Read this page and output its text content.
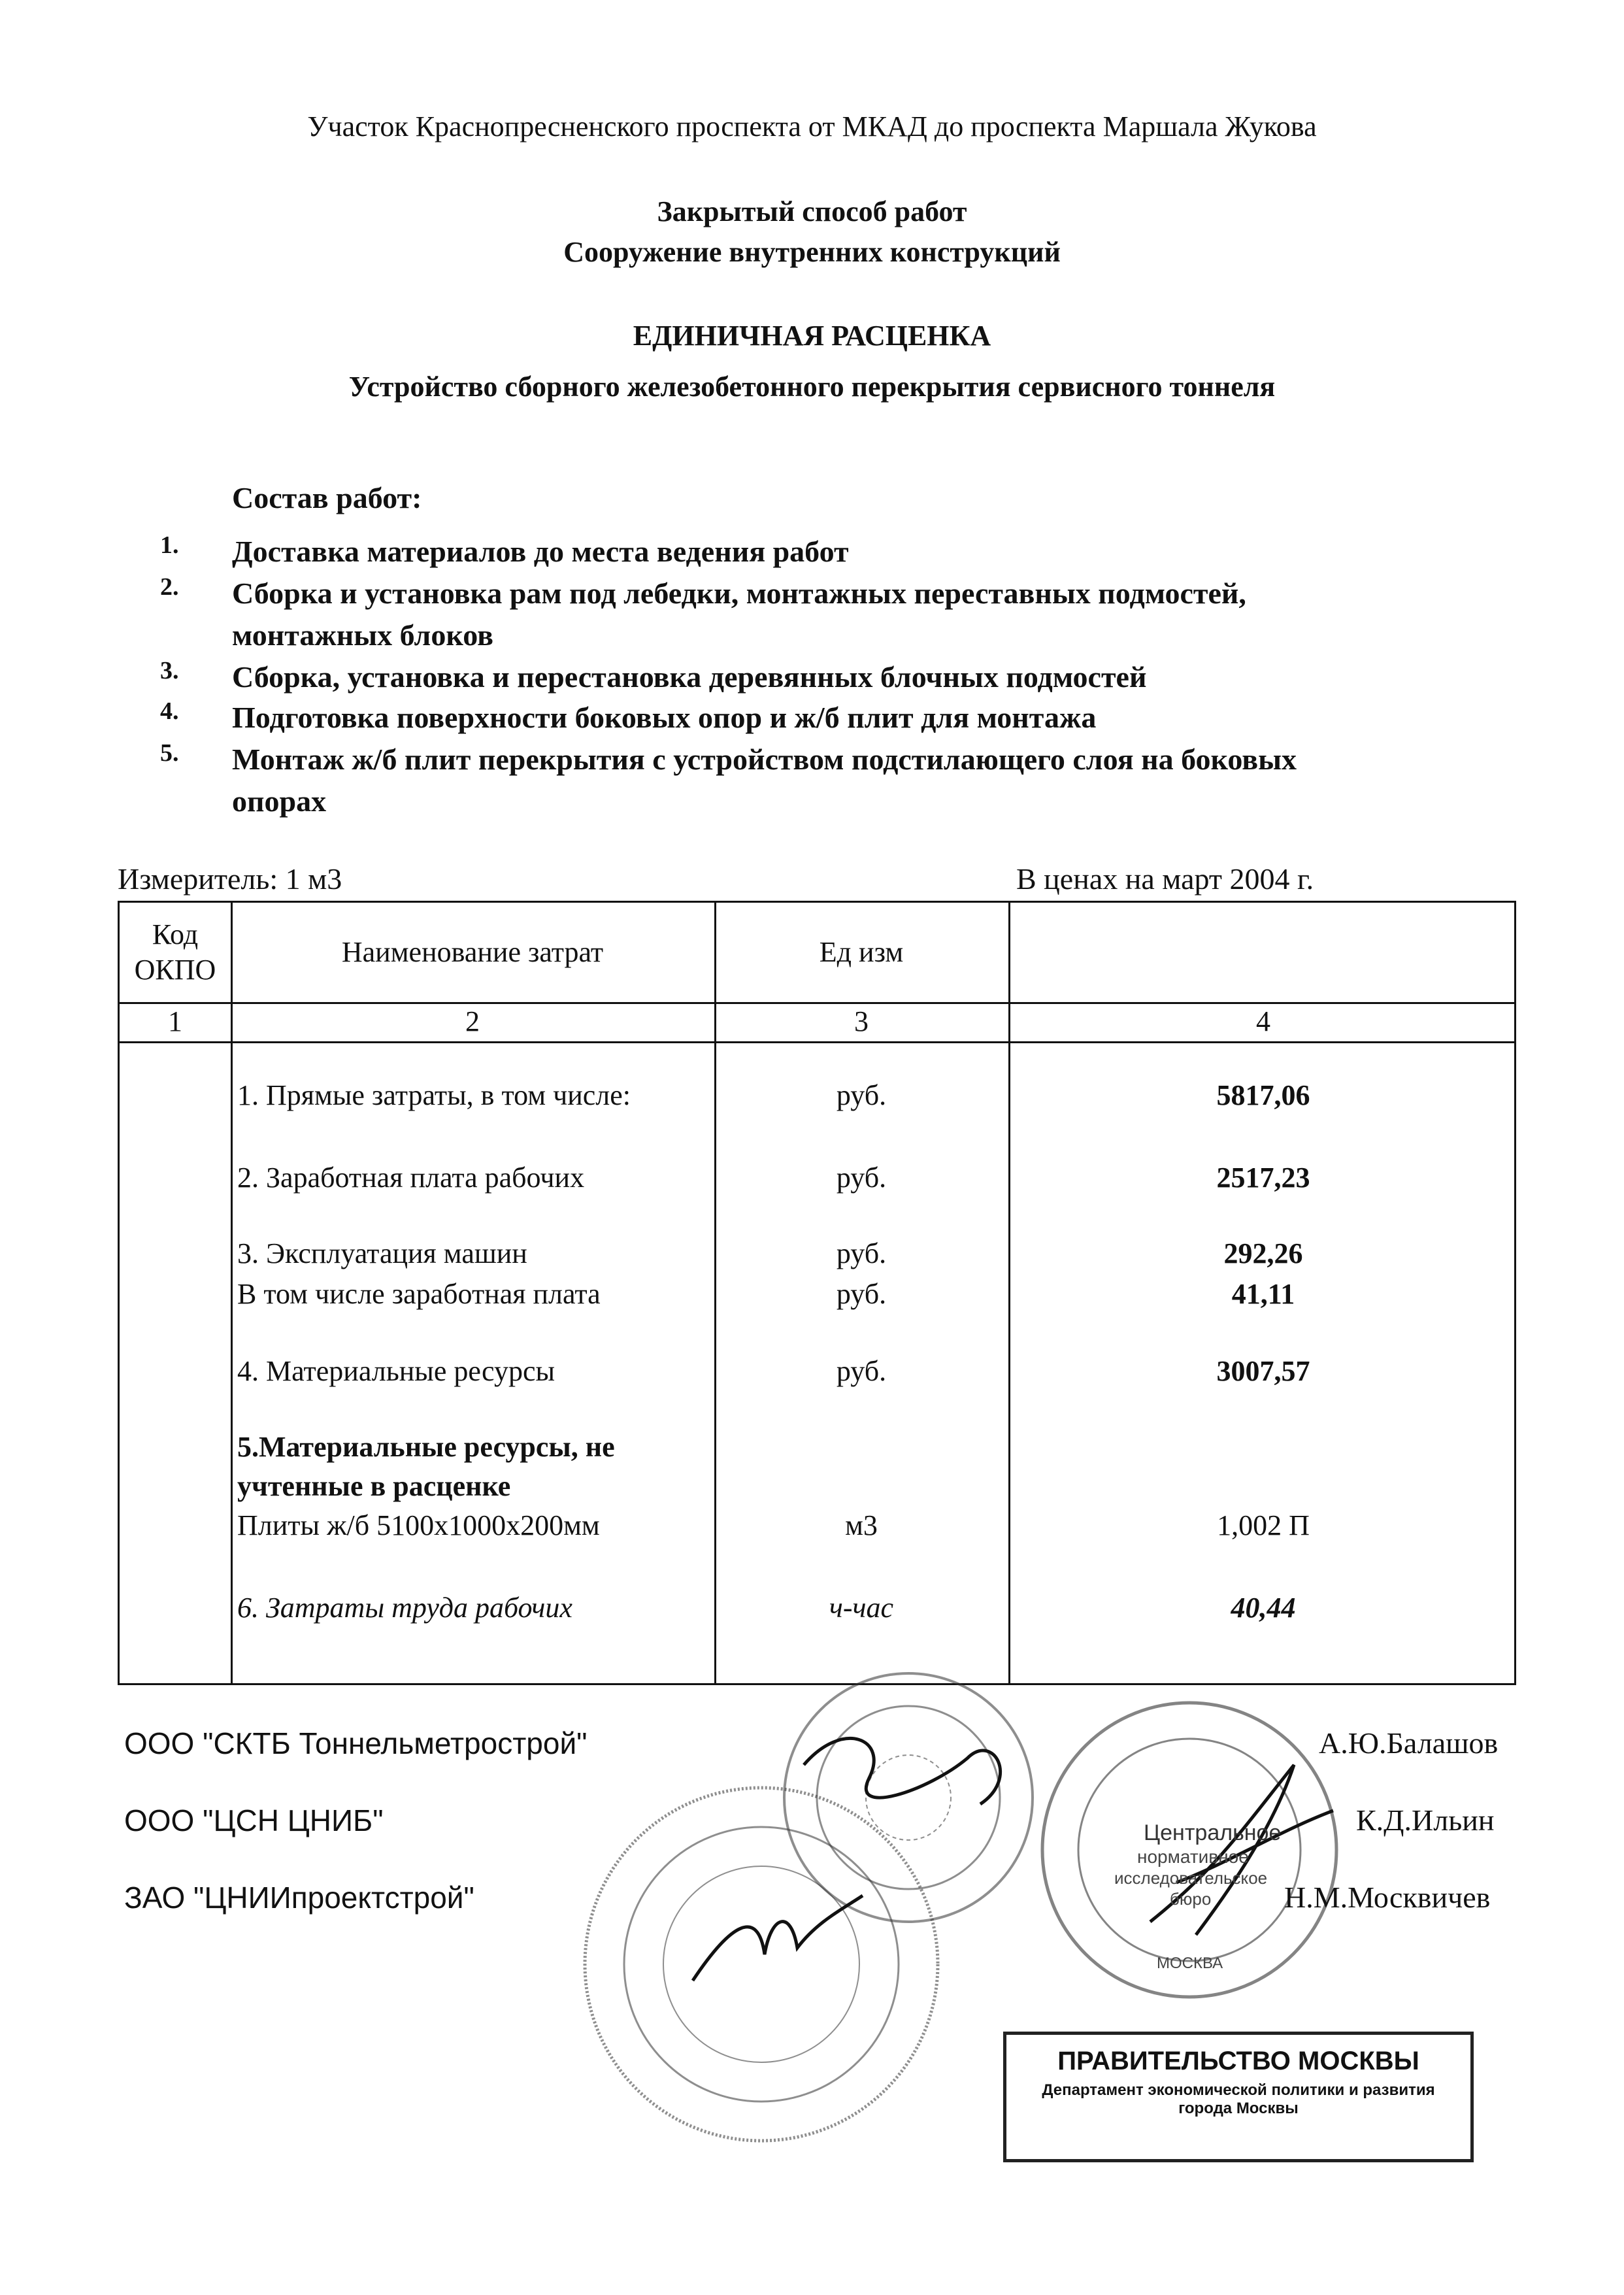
Участок Краснопресненского проспекта от МКАД до проспекта Маршала Жукова
Закрытый способ работ
Сооружение внутренних конструкций
ЕДИНИЧНАЯ РАСЦЕНКА
Устройство сборного железобетонного перекрытия сервисного тоннеля
Состав работ:
1. Доставка материалов до места ведения работ
2. Сборка и установка рам под лебедки, монтажных переставных подмостей,
монтажных блоков
3. Сборка, установка и перестановка деревянных блочных подмостей
4. Подготовка поверхности боковых опор и ж/б плит для монтажа
5. Монтаж ж/б плит перекрытия с устройством подстилающего слоя на боковых
опорах
Измеритель: 1 м3	В ценах на март 2004 г.
Код ОКПО
Наименование затрат	Ед изм
1	2	3	4
1. Прямые затраты, в том числе:	руб.	5817,06
2. Заработная плата рабочих	руб.	2517,23
3. Эксплуатация машин	руб.	292,26
В том числе заработная плата	руб.	41,11
4. Материальные ресурсы	руб.	3007,57
5.Материальные ресурсы, не
учтенные в расценке
Плиты ж/б 5100х1000х200мм	м3	1,002 П
6. Затраты труда рабочих	ч-час	40,44
Центральное
нормативное
исследовательское
бюро
МОСКВА
ООО "СКТБ Тоннельметрострой"	А.Ю.Балашов
ООО "ЦСН ЦНИБ"	К.Д.Ильин
ЗАО "ЦНИИпроектстрой"	Н.М.Москвичев
ПРАВИТЕЛЬСТВО МОСКВЫ
Департамент экономической политики и развития
города Москвы
